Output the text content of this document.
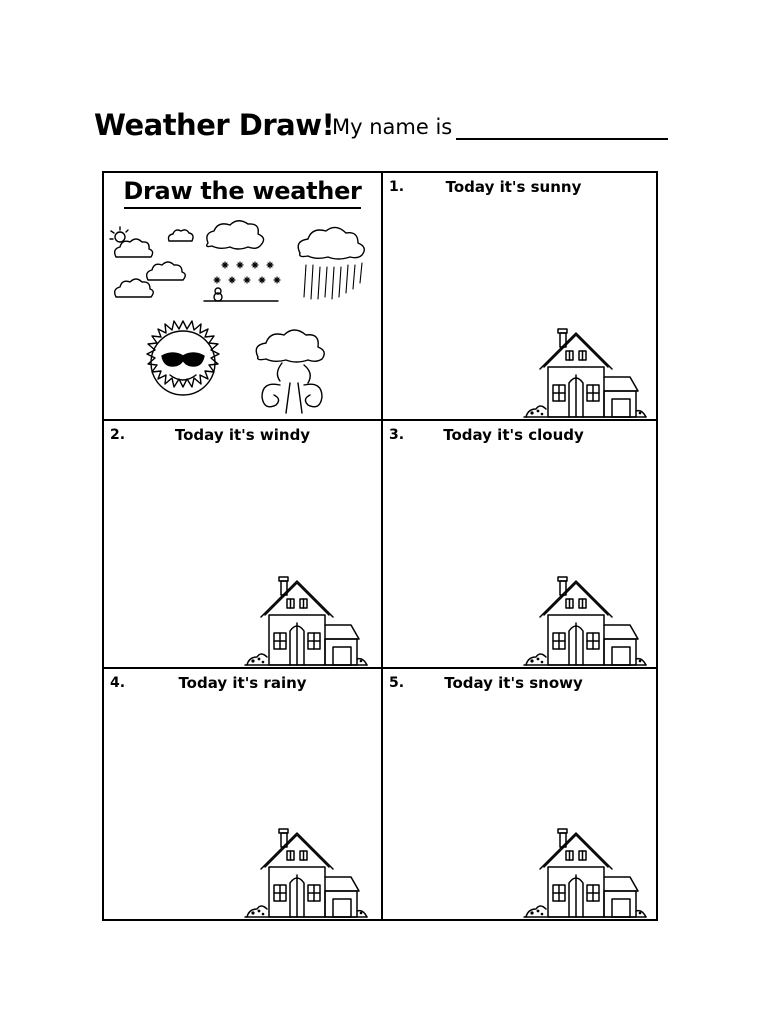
Weather Draw!
My name is
Draw the weather	1.	Today it's sunny
2.	Today it's windy	3.	Today it's cloudy
4.	Today it's rainy	5.	Today it's snowy
